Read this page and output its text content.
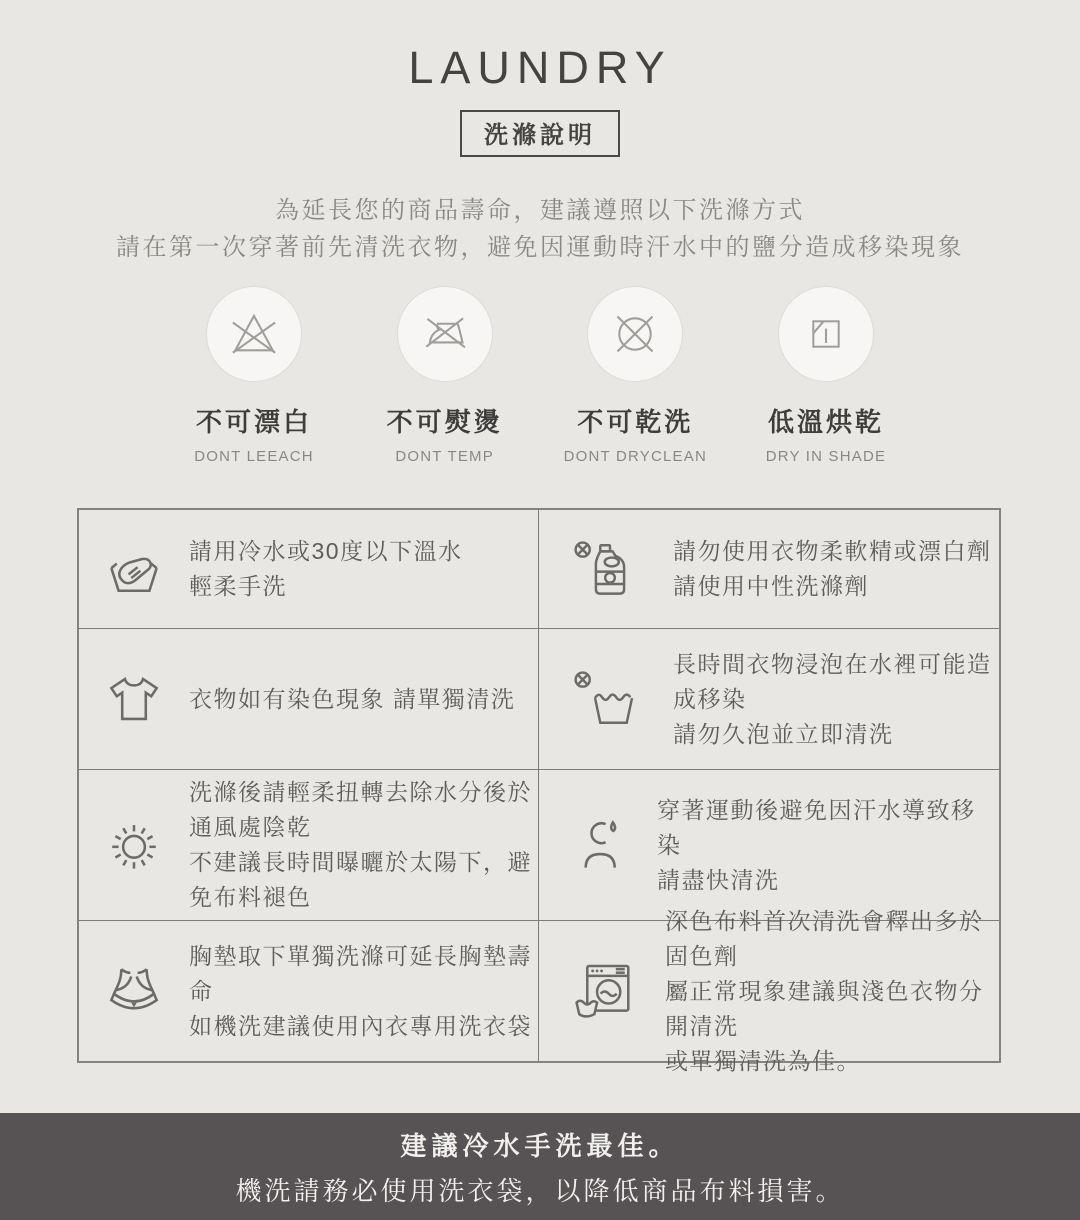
LAUNDRY
洗滌說明
為延長您的商品壽命，建議遵照以下洗滌方式
請在第一次穿著前先清洗衣物，避免因運動時汗水中的鹽分造成移染現象
不可漂白
DONT LEEACH
不可熨燙
DONT TEMP
不可乾洗
DONT DRYCLEAN
低溫烘乾
DRY IN SHADE
請用冷水或30度以下溫水
輕柔手洗
請勿使用衣物柔軟精或漂白劑
請使用中性洗滌劑
衣物如有染色現象 請單獨清洗
長時間衣物浸泡在水裡可能造成移染
請勿久泡並立即清洗
洗滌後請輕柔扭轉去除水分後於通風處陰乾
不建議長時間曝曬於太陽下，避免布料褪色
穿著運動後避免因汗水導致移染
請盡快清洗
胸墊取下單獨洗滌可延長胸墊壽命
如機洗建議使用內衣專用洗衣袋
深色布料首次清洗會釋出多於固色劑
屬正常現象建議與淺色衣物分開清洗
或單獨清洗為佳。
建議冷水手洗最佳。
機洗請務必使用洗衣袋，以降低商品布料損害。
